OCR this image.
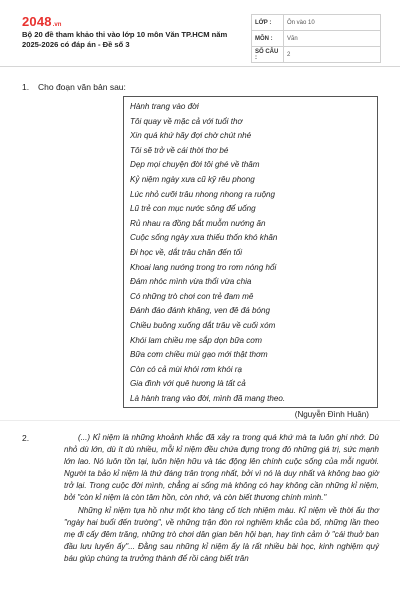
2048 .vn
Bộ 20 đề tham khảo thi vào lớp 10 môn Văn TP.HCM năm 2025-2026 có đáp án - Đề số 3
LỚP :	Ôn vào 10
MÔN :	Văn
SỐ CÂU :	2
1. Cho đoạn văn bản sau:
Hành trang vào đời
Tôi quay về mặc cả với tuổi thơ
Xin quá khứ hãy đợi chờ chút nhé
Tôi sẽ trở về cái thời thơ bé
Dẹp mọi chuyện đời tôi ghé về thăm
Kỷ niệm ngày xưa cũ kỹ rêu phong
Lúc nhỏ cưỡi trâu nhong nhong ra ruộng
Lũ trẻ con mục nước sông để uống
Rủ nhau ra đồng bắt muỗm nướng ăn
Cuộc sống ngày xưa thiếu thốn khó khăn
Đi học về, dắt trâu chăn đến tối
Khoai lang nướng trong tro rơm nóng hổi
Đám nhóc mình vừa thổi vừa chia
Có những trò chơi con trẻ đam mê
Đánh đáo đánh khăng, ven đê đá bóng
Chiều buông xuống dắt trâu về cuối xóm
Khói lam chiều mẹ sắp dọn bữa cơm
Bữa cơm chiều mùi gạo mới thật thơm
Còn có cả mùi khói rơm khói rạ
Gia đình với quê hương là tất cả
Là hành trang vào đời, mình đã mang theo.
(Nguyễn Đình Huân)
2.	(...) Kỉ niệm là những khoảnh khắc đã xảy ra trong quá khứ mà ta luôn ghi nhớ. Dù nhỏ dù lớn, dù ít dù nhiều, mỗi kỉ niệm đều chứa đựng trong đó những giá trị, sức mạnh lớn lao. Nó luôn tồn tại, luôn hiện hữu và tác động lên chính cuộc sống của mỗi người. Người ta bảo kỉ niệm là thứ đáng trân trọng nhất, bởi vì nó là duy nhất và không bao giờ trở lại. Trong cuộc đời mình, chẳng ai sống mà không có hay không cần những kỉ niệm, bởi "còn kỉ niệm là còn tâm hồn, còn nhớ, và còn biết thương chính mình."

Những kỉ niệm tựa hồ như một kho tàng cổ tích nhiệm màu. Kỉ niệm về thời ấu thơ "ngày hai buổi đến trường", về những trận đòn roi nghiêm khắc của bố, những lần theo mẹ đi cấy đêm trăng, những trò chơi dân gian bên hội bạn, hay tình cảm ở "cái thuở ban đầu lưu luyến ấy"... Đằng sau những kỉ niệm ấy là rất nhiều bài học, kinh nghiệm quý báu giúp chúng ta trưởng thành để rồi càng biết trân
